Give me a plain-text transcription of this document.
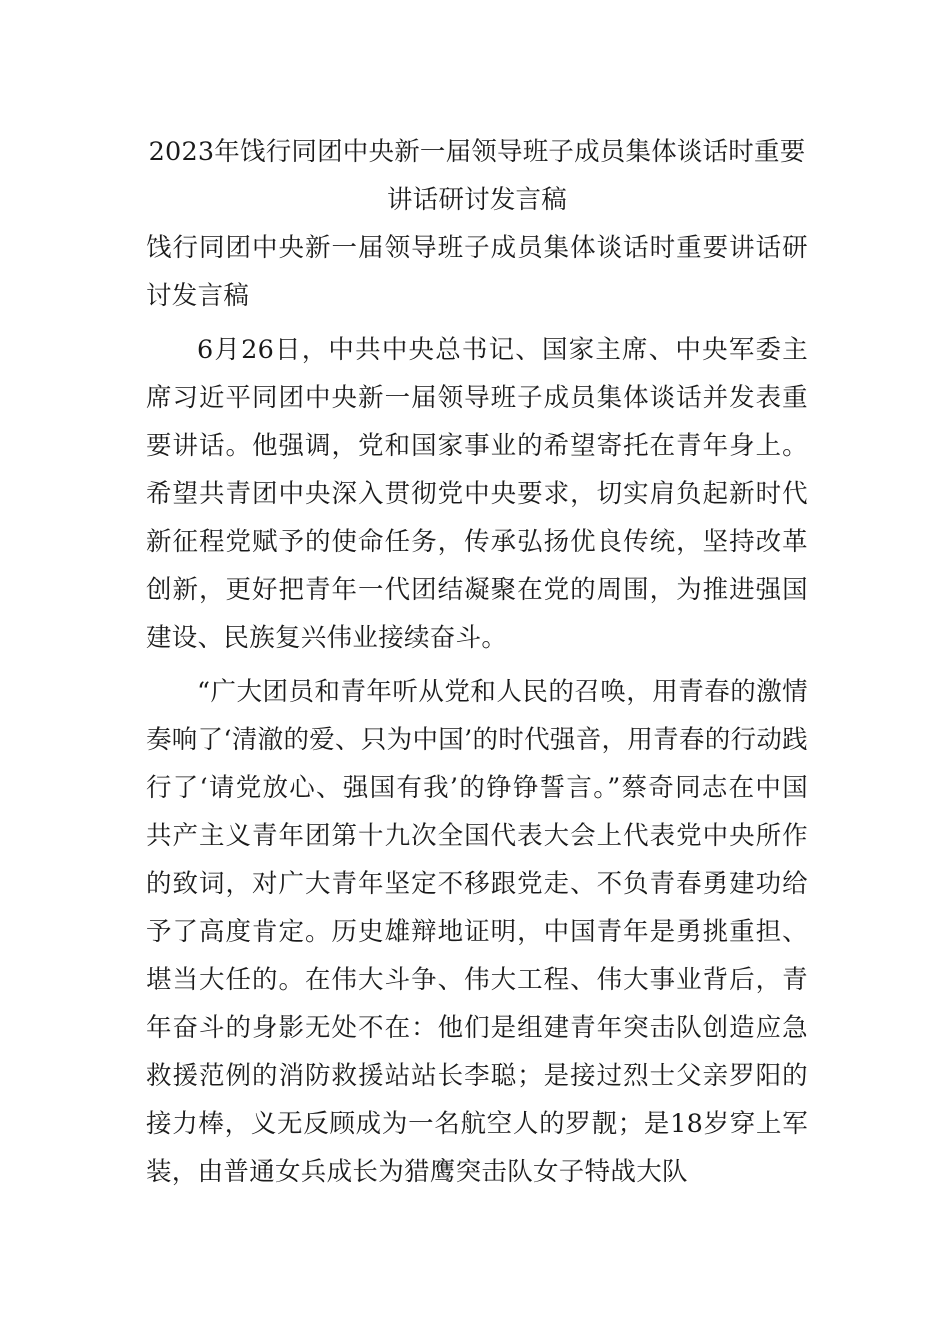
2023年饯行同团中央新一届领导班子成员集体谈话时重要讲话研讨发言稿

饯行同团中央新一届领导班子成员集体谈话时重要讲话研讨发言稿

6月26日，中共中央总书记、国家主席、中央军委主席习近平同团中央新一届领导班子成员集体谈话并发表重要讲话。他强调，党和国家事业的希望寄托在青年身上。希望共青团中央深入贯彻党中央要求，切实肩负起新时代新征程党赋予的使命任务，传承弘扬优良传统，坚持改革创新，更好把青年一代团结凝聚在党的周围，为推进强国建设、民族复兴伟业接续奋斗。

“广大团员和青年听从党和人民的召唤，用青春的激情奏响了‘清澈的爱、只为中国’的时代强音，用青春的行动践行了‘请党放心、强国有我’的铮铮誓言。”蔡奇同志在中国共产主义青年团第十九次全国代表大会上代表党中央所作的致词，对广大青年坚定不移跟党走、不负青春勇建功给予了高度肯定。历史雄辩地证明，中国青年是勇挑重担、堪当大任的。在伟大斗争、伟大工程、伟大事业背后，青年奋斗的身影无处不在：他们是组建青年突击队创造应急救援范例的消防救援站站长李聪；是接过烈士父亲罗阳的接力棒，义无反顾成为一名航空人的罗靓；是18岁穿上军装，由普通女兵成长为猎鹰突击队女子特战大队
